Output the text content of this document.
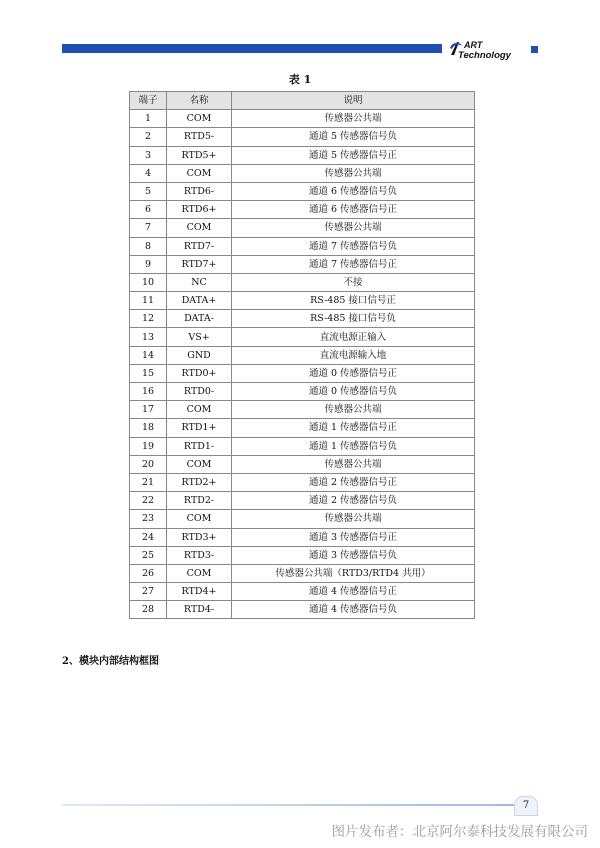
ART
Technology
表 1
端子	名称	说明
1	COM	传感器公共端
2	RTD5-	通道 5 传感器信号负
3	RTD5+	通道 5 传感器信号正
4	COM	传感器公共端
5	RTD6-	通道 6 传感器信号负
6	RTD6+	通道 6 传感器信号正
7	COM	传感器公共端
8	RTD7-	通道 7 传感器信号负
9	RTD7+	通道 7 传感器信号正
10	NC	不接
11	DATA+	RS-485 接口信号正
12	DATA-	RS-485 接口信号负
13	VS+	直流电源正输入
14	GND	直流电源输入地
15	RTD0+	通道 0 传感器信号正
16	RTD0-	通道 0 传感器信号负
17	COM	传感器公共端
18	RTD1+	通道 1 传感器信号正
19	RTD1-	通道 1 传感器信号负
20	COM	传感器公共端
21	RTD2+	通道 2 传感器信号正
22	RTD2-	通道 2 传感器信号负
23	COM	传感器公共端
24	RTD3+	通道 3 传感器信号正
25	RTD3-	通道 3 传感器信号负
26	COM	传感器公共端（RTD3/RTD4 共用）
27	RTD4+	通道 4 传感器信号正
28	RTD4-	通道 4 传感器信号负
2、模块内部结构框图
7
图片发布者：北京阿尔泰科技发展有限公司
